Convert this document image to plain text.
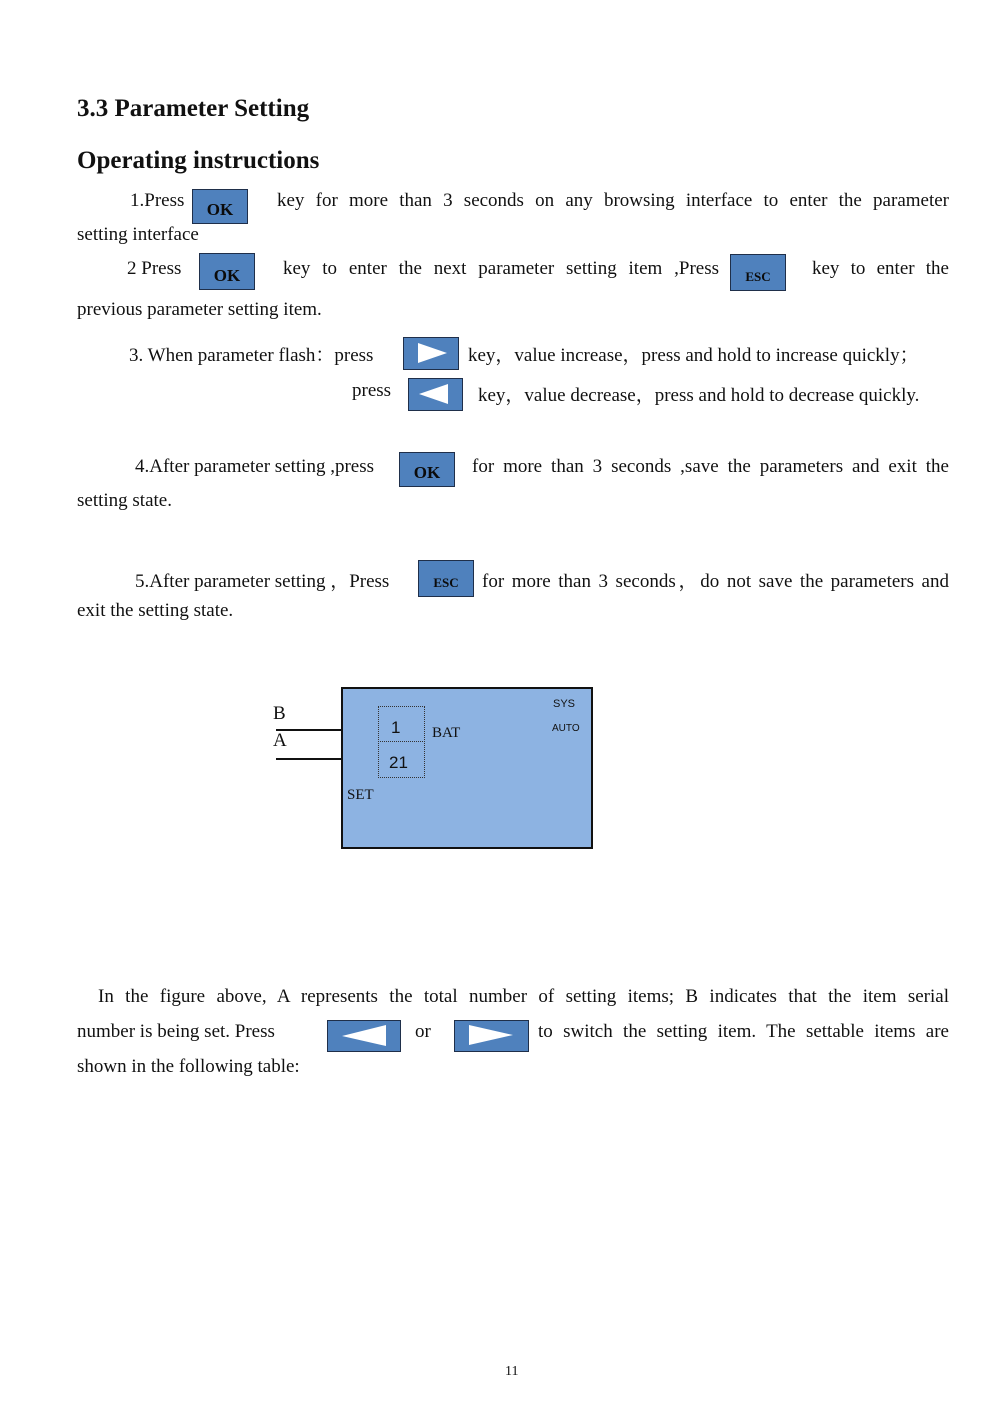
3.3 Parameter Setting
Operating instructions
1.Press	OK	key for more than 3 seconds on any browsing interface to enter the parameter
setting interface
2 Press	OK	key to enter the next parameter setting item ,Press	ESC	key to enter the
previous parameter setting item.
3. When parameter flash：press	key，value increase，press and hold to increase quickly；
press	key，value decrease，press and hold to decrease quickly.
4.After parameter setting ,press	OK	for more than 3 seconds ,save the parameters and exit the
setting state.
5.After parameter setting ，Press	ESC	for more than 3 seconds，do not save the parameters and
exit the setting state.
B
A
1
21
BAT
SYS
AUTO
SET
In the figure above, A represents the total number of setting items; B indicates that the item serial
number is being set. Press	or	to switch the setting item. The settable items are
shown in the following table:
11
